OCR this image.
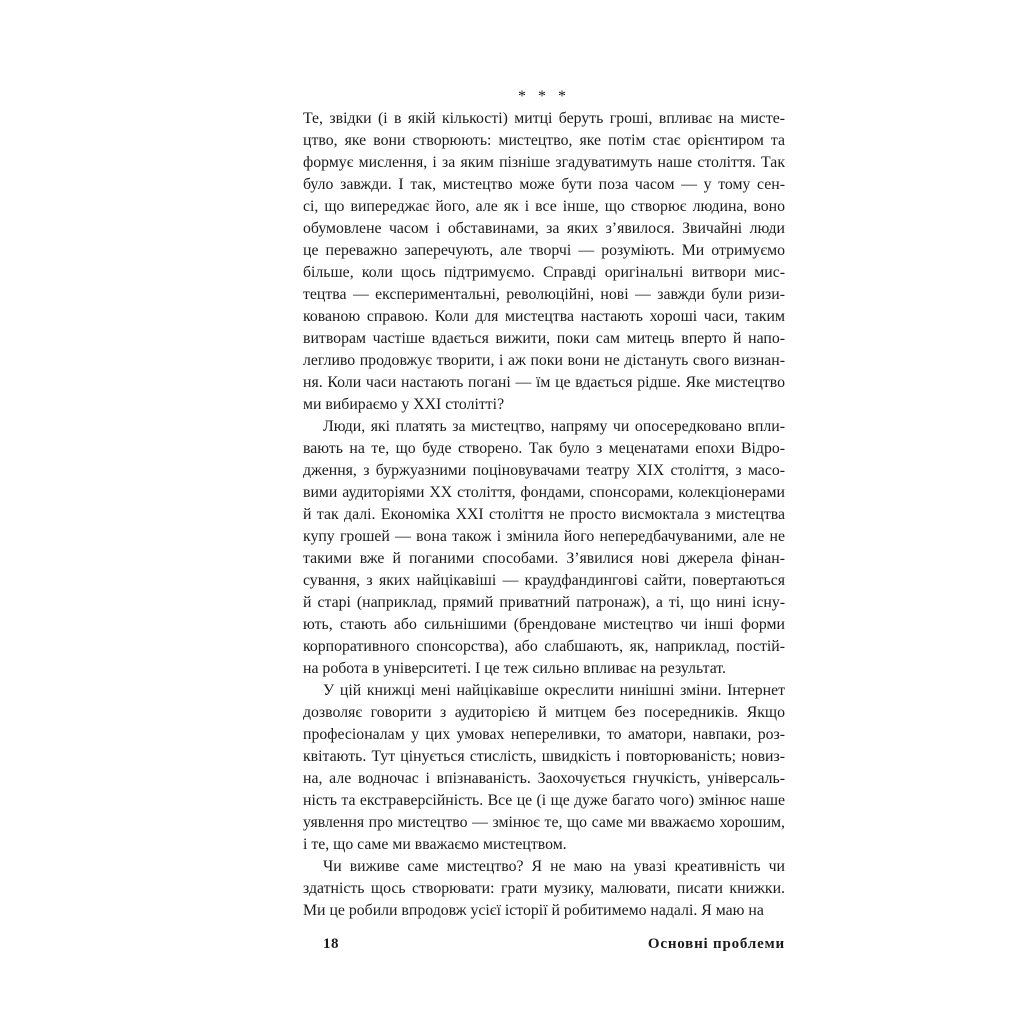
* * *
Те, звідки (і в якій кількості) митці беруть гроші, впливає на мисте-
цтво, яке вони створюють: мистецтво, яке потім стає орієнтиром та
формує мислення, і за яким пізніше згадуватимуть наше століття. Так
було завжди. І так, мистецтво може бути поза часом — у тому сен-
сі, що випереджає його, але як і все інше, що створює людина, воно
обумовлене часом і обставинами, за яких з’явилося. Звичайні люди
це переважно заперечують, але творчі — розуміють. Ми отримуємо
більше, коли щось підтримуємо. Справді оригінальні витвори мис-
тецтва — експериментальні, революційні, нові — завжди були ризи-
кованою справою. Коли для мистецтва настають хороші часи, таким
витворам частіше вдається вижити, поки сам митець вперто й напо-
легливо продовжує творити, і аж поки вони не дістануть свого визнан-
ня. Коли часи настають погані — їм це вдається рідше. Яке мистецтво
ми вибираємо у XXI столітті?
Люди, які платять за мистецтво, напряму чи опосередковано впли-
вають на те, що буде створено. Так було з меценатами епохи Відро-
дження, з буржуазними поціновувачами театру XIX століття, з масо-
вими аудиторіями XX століття, фондами, спонсорами, колекціонерами
й так далі. Економіка XXI століття не просто висмоктала з мистецтва
купу грошей — вона також і змінила його непередбачуваними, але не
такими вже й поганими способами. З’явилися нові джерела фінан-
сування, з яких найцікавіші — краудфандингові сайти, повертаються
й старі (наприклад, прямий приватний патронаж), а ті, що нині існу-
ють, стають або сильнішими (брендоване мистецтво чи інші форми
корпоративного спонсорства), або слабшають, як, наприклад, постій-
на робота в університеті. І це теж сильно впливає на результат.
У цій книжці мені найцікавіше окреслити нинішні зміни. Інтернет
дозволяє говорити з аудиторією й митцем без посередників. Якщо
професіоналам у цих умовах непереливки, то аматори, навпаки, роз-
квітають. Тут цінується стислість, швидкість і повторюваність; новиз-
на, але водночас і впізнаваність. Заохочується гнучкість, універсаль-
ність та екстраверсійність. Все це (і ще дуже багато чого) змінює наше
уявлення про мистецтво — змінює те, що саме ми вважаємо хорошим,
і те, що саме ми вважаємо мистецтвом.
Чи виживе саме мистецтво? Я не маю на увазі креативність чи
здатність щось створювати: грати музику, малювати, писати книжки.
Ми це робили впродовж усієї історії й робитимемо надалі. Я маю на
18	Основні проблеми
